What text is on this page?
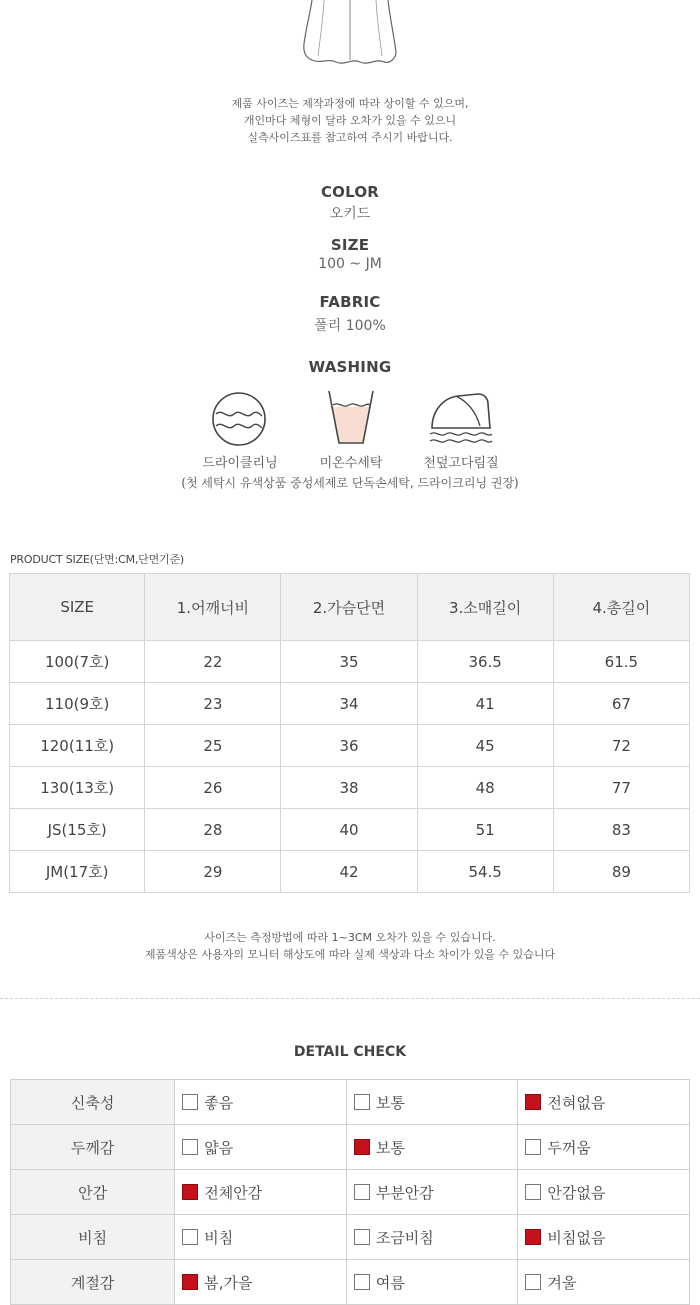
제품 사이즈는 제작과정에 따라 상이할 수 있으며,
개인마다 체형이 달라 오차가 있을 수 있으니
실측사이즈표를 참고하여 주시기 바랍니다.
COLOR
오키드
SIZE
100 ~ JM
FABRIC
폴리 100%
WASHING
드라이클리닝	미온수세탁	천덮고다림질
(첫 세탁시 유색상품 중성세제로 단독손세탁, 드라이크리닝 권장)
PRODUCT SIZE(단면:CM,단면기준)
SIZE	1.어깨너비	2.가슴단면	3.소매길이	4.총길이
100(7호)	22	35	36.5	61.5
110(9호)	23	34	41	67
120(11호)	25	36	45	72
130(13호)	26	38	48	77
JS(15호)	28	40	51	83
JM(17호)	29	42	54.5	89
사이즈는 측정방법에 따라 1~3CM 오차가 있을 수 있습니다.
제품색상은 사용자의 모니터 해상도에 따라 실제 색상과 다소 차이가 있을 수 있습니다
DETAIL CHECK
신축성	좋음	보통	전혀없음
두께감	얇음	보통	두꺼움
안감	전체안감	부분안감	안감없음
비침	비침	조금비침	비침없음
계절감	봄,가을	여름	겨울
